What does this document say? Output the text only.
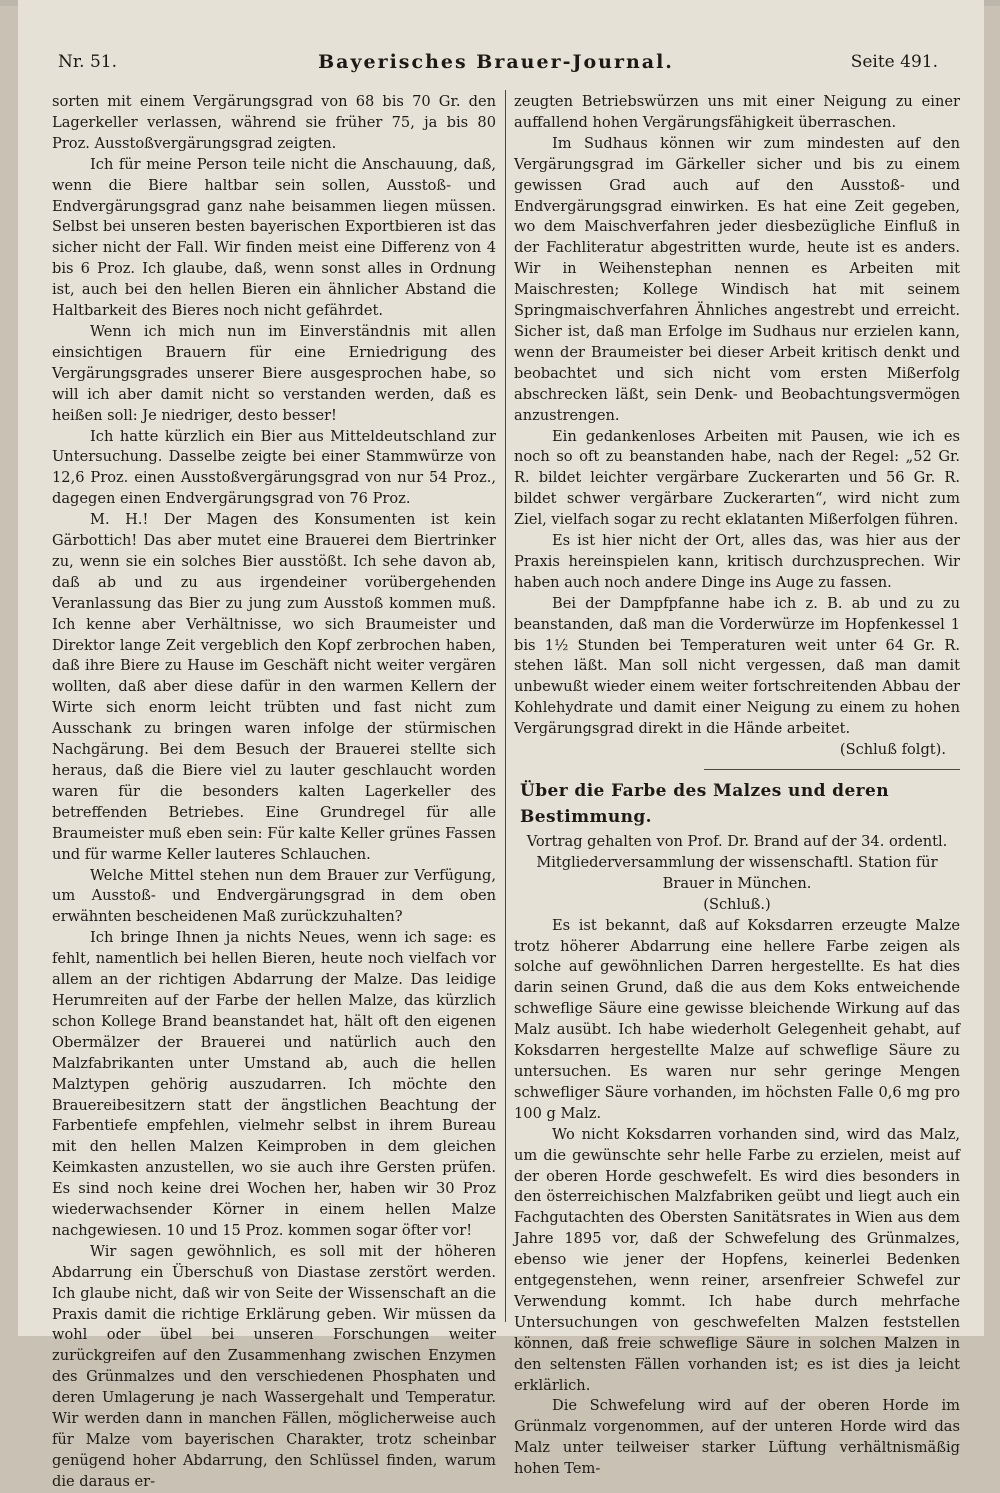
Nr. 51.	Bayerisches Brauer-Journal.	Seite 491.

sorten mit einem Vergärungsgrad von 68 bis 70 Gr. den Lagerkeller verlassen, während sie früher 75, ja bis 80 Proz. Ausstoßvergärungsgrad zeigten.

Ich für meine Person teile nicht die Anschauung, daß, wenn die Biere haltbar sein sollen, Ausstoß- und Endvergärungsgrad ganz nahe beisammen liegen müssen. Selbst bei unseren besten bayerischen Exportbieren ist das sicher nicht der Fall. Wir finden meist eine Differenz von 4 bis 6 Proz. Ich glaube, daß, wenn sonst alles in Ordnung ist, auch bei den hellen Bieren ein ähnlicher Abstand die Haltbarkeit des Bieres noch nicht gefährdet.

Wenn ich mich nun im Einverständnis mit allen einsichtigen Brauern für eine Erniedrigung des Vergärungsgrades unserer Biere ausgesprochen habe, so will ich aber damit nicht so verstanden werden, daß es heißen soll: Je niedriger, desto besser!

Ich hatte kürzlich ein Bier aus Mitteldeutschland zur Untersuchung. Dasselbe zeigte bei einer Stammwürze von 12,6 Proz. einen Ausstoßvergärungsgrad von nur 54 Proz., dagegen einen Endvergärungsgrad von 76 Proz.

M. H.! Der Magen des Konsumenten ist kein Gärbottich! Das aber mutet eine Brauerei dem Biertrinker zu, wenn sie ein solches Bier ausstößt. Ich sehe davon ab, daß ab und zu aus irgendeiner vorübergehenden Veranlassung das Bier zu jung zum Ausstoß kommen muß. Ich kenne aber Verhältnisse, wo sich Braumeister und Direktor lange Zeit vergeblich den Kopf zerbrochen haben, daß ihre Biere zu Hause im Geschäft nicht weiter vergären wollten, daß aber diese dafür in den warmen Kellern der Wirte sich enorm leicht trübten und fast nicht zum Ausschank zu bringen waren infolge der stürmischen Nachgärung. Bei dem Besuch der Brauerei stellte sich heraus, daß die Biere viel zu lauter geschlaucht worden waren für die besonders kalten Lagerkeller des betreffenden Betriebes. Eine Grundregel für alle Braumeister muß eben sein: Für kalte Keller grünes Fassen und für warme Keller lauteres Schlauchen.

Welche Mittel stehen nun dem Brauer zur Verfügung, um Ausstoß- und Endvergärungsgrad in dem oben erwähnten bescheidenen Maß zurückzuhalten?

Ich bringe Ihnen ja nichts Neues, wenn ich sage: es fehlt, namentlich bei hellen Bieren, heute noch vielfach vor allem an der richtigen Abdarrung der Malze. Das leidige Herumreiten auf der Farbe der hellen Malze, das kürzlich schon Kollege Brand beanstandet hat, hält oft den eigenen Obermälzer der Brauerei und natürlich auch den Malzfabrikanten unter Umstand ab, auch die hellen Malztypen gehörig auszudarren. Ich möchte den Brauereibesitzern statt der ängstlichen Beachtung der Farbentiefe empfehlen, vielmehr selbst in ihrem Bureau mit den hellen Malzen Keimproben in dem gleichen Keimkasten anzustellen, wo sie auch ihre Gersten prüfen. Es sind noch keine drei Wochen her, haben wir 30 Proz wiederwachsender Körner in einem hellen Malze nachgewiesen. 10 und 15 Proz. kommen sogar öfter vor!

Wir sagen gewöhnlich, es soll mit der höheren Abdarrung ein Überschuß von Diastase zerstört werden. Ich glaube nicht, daß wir von Seite der Wissenschaft an die Praxis damit die richtige Erklärung geben. Wir müssen da wohl oder übel bei unseren Forschungen weiter zurückgreifen auf den Zusammenhang zwischen Enzymen des Grünmalzes und den verschiedenen Phosphaten und deren Umlagerung je nach Wassergehalt und Temperatur. Wir werden dann in manchen Fällen, möglicherweise auch für Malze vom bayerischen Charakter, trotz scheinbar genügend hoher Abdarrung, den Schlüssel finden, warum die daraus er-

zeugten Betriebswürzen uns mit einer Neigung zu einer auffallend hohen Vergärungsfähigkeit überraschen.

Im Sudhaus können wir zum mindesten auf den Vergärungsgrad im Gärkeller sicher und bis zu einem gewissen Grad auch auf den Ausstoß- und Endvergärungsgrad einwirken. Es hat eine Zeit gegeben, wo dem Maischverfahren jeder diesbezügliche Einfluß in der Fachliteratur abgestritten wurde, heute ist es anders. Wir in Weihenstephan nennen es Arbeiten mit Maischresten; Kollege Windisch hat mit seinem Springmaischverfahren Ähnliches angestrebt und erreicht. Sicher ist, daß man Erfolge im Sudhaus nur erzielen kann, wenn der Braumeister bei dieser Arbeit kritisch denkt und beobachtet und sich nicht vom ersten Mißerfolg abschrecken läßt, sein Denk- und Beobachtungsvermögen anzustrengen.

Ein gedankenloses Arbeiten mit Pausen, wie ich es noch so oft zu beanstanden habe, nach der Regel: „52 Gr. R. bildet leichter vergärbare Zuckerarten und 56 Gr. R. bildet schwer vergärbare Zuckerarten“, wird nicht zum Ziel, vielfach sogar zu recht eklatanten Mißerfolgen führen.

Es ist hier nicht der Ort, alles das, was hier aus der Praxis hereinspielen kann, kritisch durchzusprechen. Wir haben auch noch andere Dinge ins Auge zu fassen.

Bei der Dampfpfanne habe ich z. B. ab und zu zu beanstanden, daß man die Vorderwürze im Hopfenkessel 1 bis 1½ Stunden bei Temperaturen weit unter 64 Gr. R. stehen läßt. Man soll nicht vergessen, daß man damit unbewußt wieder einem weiter fortschreitenden Abbau der Kohlehydrate und damit einer Neigung zu einem zu hohen Vergärungsgrad direkt in die Hände arbeitet.

(Schluß folgt).

Über die Farbe des Malzes und deren Bestimmung.

Vortrag gehalten von Prof. Dr. Brand auf der 34. ordentl. Mitgliederversammlung der wissenschaftl. Station für Brauer in München.

(Schluß.)

Es ist bekannt, daß auf Koksdarren erzeugte Malze trotz höherer Abdarrung eine hellere Farbe zeigen als solche auf gewöhnlichen Darren hergestellte. Es hat dies darin seinen Grund, daß die aus dem Koks entweichende schweflige Säure eine gewisse bleichende Wirkung auf das Malz ausübt. Ich habe wiederholt Gelegenheit gehabt, auf Koksdarren hergestellte Malze auf schweflige Säure zu untersuchen. Es waren nur sehr geringe Mengen schwefliger Säure vorhanden, im höchsten Falle 0,6 mg pro 100 g Malz.

Wo nicht Koksdarren vorhanden sind, wird das Malz, um die gewünschte sehr helle Farbe zu erzielen, meist auf der oberen Horde geschwefelt. Es wird dies besonders in den österreichischen Malzfabriken geübt und liegt auch ein Fachgutachten des Obersten Sanitätsrates in Wien aus dem Jahre 1895 vor, daß der Schwefelung des Grünmalzes, ebenso wie jener der Hopfens, keinerlei Bedenken entgegenstehen, wenn reiner, arsenfreier Schwefel zur Verwendung kommt. Ich habe durch mehrfache Untersuchungen von geschwefelten Malzen feststellen können, daß freie schweflige Säure in solchen Malzen in den seltensten Fällen vorhanden ist; es ist dies ja leicht erklärlich.

Die Schwefelung wird auf der oberen Horde im Grünmalz vorgenommen, auf der unteren Horde wird das Malz unter teilweiser starker Lüftung verhältnismäßig hohen Tem-
